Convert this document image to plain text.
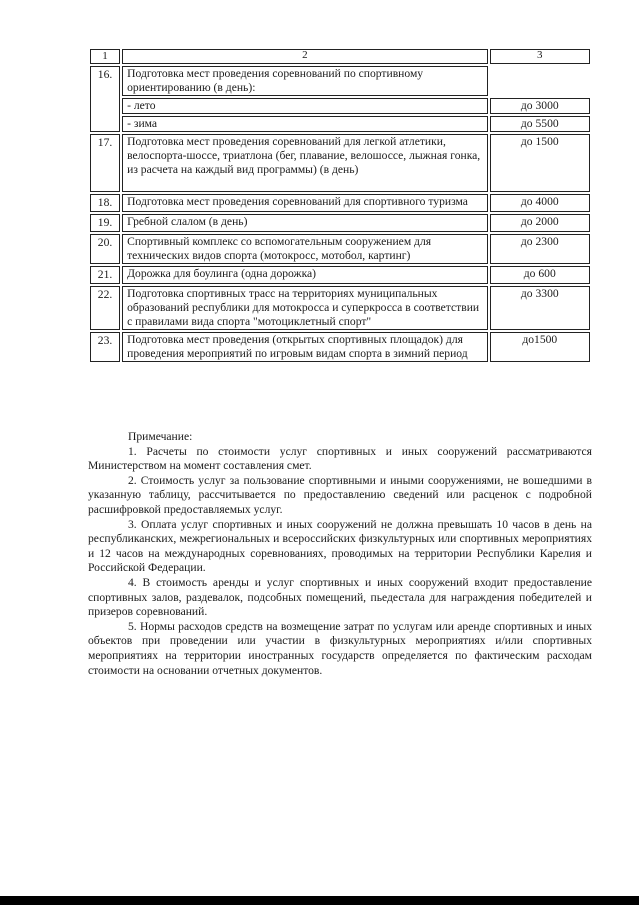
1	2	3
16.	Подготовка мест проведения соревнований по спортивному ориентированию (в день):	
	- лето	до 3000
	- зима	до 5500
17.	Подготовка мест проведения соревнований для легкой атлетики, велоспорта-шоссе, триатлона (бег, плавание, велошоссе, лыжная гонка, из расчета на каждый вид программы) (в день)	до 1500
18.	Подготовка мест проведения соревнований для спортивного туризма	до 4000
19.	Гребной слалом (в день)	до 2000
20.	Спортивный комплекс со вспомогательным сооружением для технических видов спорта (мотокросс, мотобол, картинг)	до 2300
21.	Дорожка для боулинга (одна дорожка)	до 600
22.	Подготовка спортивных трасс на территориях муниципальных образований республики для мотокросса и суперкросса в соответствии с правилами вида спорта "мотоциклетный спорт"	до 3300
23.	Подготовка мест проведения (открытых спортивных площадок) для проведения мероприятий по игровым видам спорта в зимний период	до1500

Примечание:

1. Расчеты по стоимости услуг спортивных и иных сооружений рассматриваются Министерством на момент составления смет.

2. Стоимость услуг за пользование спортивными и иными сооружениями, не вошедшими в указанную таблицу, рассчитывается по предоставлению сведений или расценок с подробной расшифровкой предоставляемых услуг.

3. Оплата услуг спортивных и иных сооружений не должна превышать 10 часов в день на республиканских, межрегиональных и всероссийских физкультурных или спортивных мероприятиях и 12 часов на международных соревнованиях, проводимых на территории Республики Карелия и Российской Федерации.

4. В стоимость аренды и услуг спортивных и иных сооружений входит предоставление спортивных залов, раздевалок, подсобных помещений, пьедестала для награждения победителей и призеров соревнований.

5. Нормы расходов средств на возмещение затрат по услугам или аренде спортивных и иных объектов при проведении или участии в физкультурных мероприятиях и/или спортивных мероприятиях на территории иностранных государств определяется по фактическим расходам стоимости на основании отчетных документов.
